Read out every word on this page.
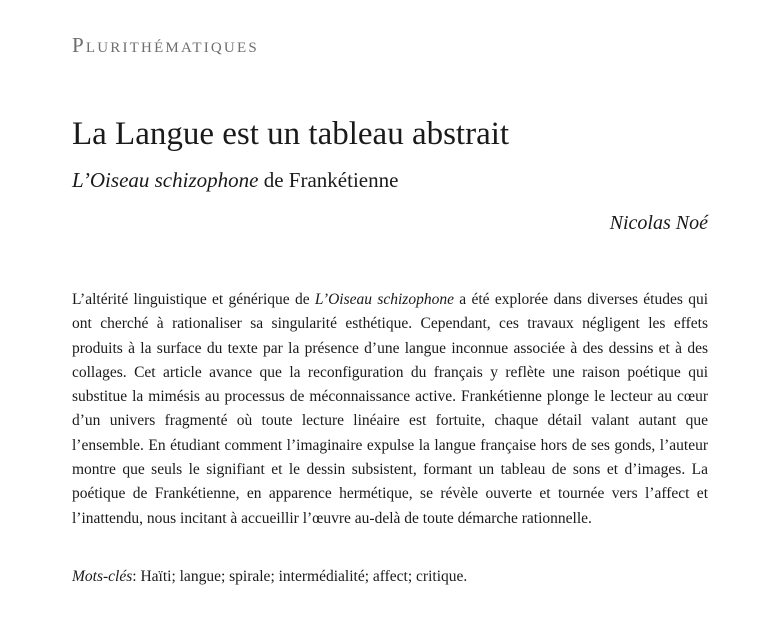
Plurithématiques
La Langue est un tableau abstrait
L’Oiseau schizophone de Frankétienne
Nicolas Noé

L’altérité linguistique et générique de L’Oiseau schizophone a été explorée dans diverses études qui ont cherché à rationaliser sa singularité esthétique. Cependant, ces travaux négligent les effets produits à la surface du texte par la présence d’une langue inconnue associée à des dessins et à des collages. Cet article avance que la reconfiguration du français y reflète une raison poétique qui substitue la mimésis au processus de méconnaissance active. Frankétienne plonge le lecteur au cœur d’un univers fragmenté où toute lecture linéaire est fortuite, chaque détail valant autant que l’ensemble. En étudiant comment l’imaginaire expulse la langue française hors de ses gonds, l’auteur montre que seuls le signifiant et le dessin subsistent, formant un tableau de sons et d’images. La poétique de Frankétienne, en apparence hermétique, se révèle ouverte et tournée vers l’affect et l’inattendu, nous incitant à accueillir l’œuvre au-delà de toute démarche rationnelle.

Mots-clés: Haïti; langue; spirale; intermédialité; affect; critique.
